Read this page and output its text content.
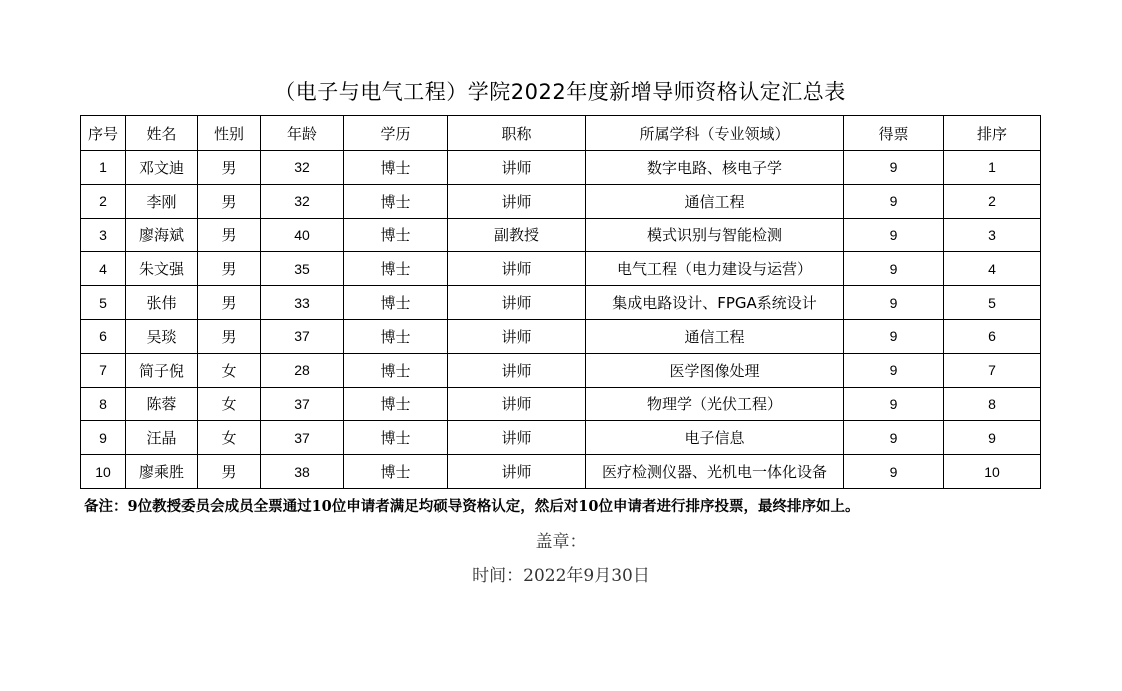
（电子与电气工程）学院2022年度新增导师资格认定汇总表
序号	姓名	性别	年龄	学历	职称	所属学科（专业领域）	得票	排序
1	邓文迪	男	32	博士	讲师	数字电路、核电子学	9	1
2	李刚	男	32	博士	讲师	通信工程	9	2
3	廖海斌	男	40	博士	副教授	模式识别与智能检测	9	3
4	朱文强	男	35	博士	讲师	电气工程（电力建设与运营）	9	4
5	张伟	男	33	博士	讲师	集成电路设计、FPGA系统设计	9	5
6	吴琰	男	37	博士	讲师	通信工程	9	6
7	简子倪	女	28	博士	讲师	医学图像处理	9	7
8	陈蓉	女	37	博士	讲师	物理学（光伏工程）	9	8
9	汪晶	女	37	博士	讲师	电子信息	9	9
10	廖乘胜	男	38	博士	讲师	医疗检测仪器、光机电一体化设备	9	10
备注：9位教授委员会成员全票通过10位申请者满足均硕导资格认定，然后对10位申请者进行排序投票，最终排序如上。
盖章：
时间：2022年9月30日
